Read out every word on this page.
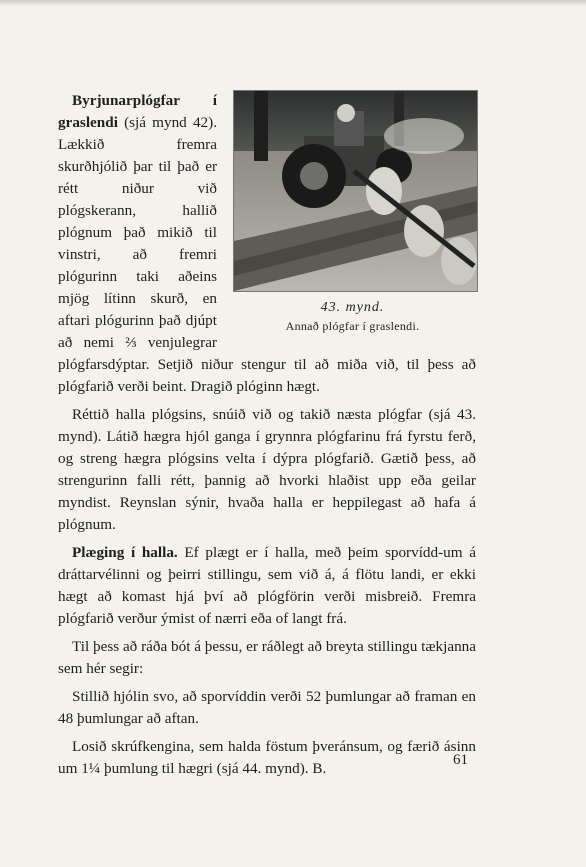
43. mynd.
Annað plógfar í graslendi.

Byrjunarplógfar í graslendi (sjá mynd 42). Lækkið fremra skurðhjólið þar til það er rétt niður við plógskerann, hallið plógnum það mikið til vinstri, að fremri plógurinn taki aðeins mjög lítinn skurð, en aftari plógurinn það djúpt að nemi ⅔ venjulegrar plógfarsdýptar. Setjið niður stengur til að miða við, til þess að plógfarið verði beint. Dragið plóginn hægt.

Réttið halla plógsins, snúið við og takið næsta plógfar (sjá 43. mynd). Látið hægra hjól ganga í grynnra plógfarinu frá fyrstu ferð, og streng hægra plógsins velta í dýpra plógfarið. Gætið þess, að strengurinn falli rétt, þannig að hvorki hlaðist upp eða geilar myndist. Reynslan sýnir, hvaða halla er heppilegast að hafa á plógnum.

Plæging í halla. Ef plægt er í halla, með þeim sporvídd-um á dráttarvélinni og þeirri stillingu, sem við á, á flötu landi, er ekki hægt að komast hjá því að plógförin verði misbreið. Fremra plógfarið verður ýmist of nærri eða of langt frá.

Til þess að ráða bót á þessu, er ráðlegt að breyta stillingu tækjanna sem hér segir:

Stillið hjólin svo, að sporvíddin verði 52 þumlungar að framan en 48 þumlungar að aftan.

Losið skrúfkengina, sem halda föstum þveránsum, og færið ásinn um 1¼ þumlung til hægri (sjá 44. mynd). B.	61
